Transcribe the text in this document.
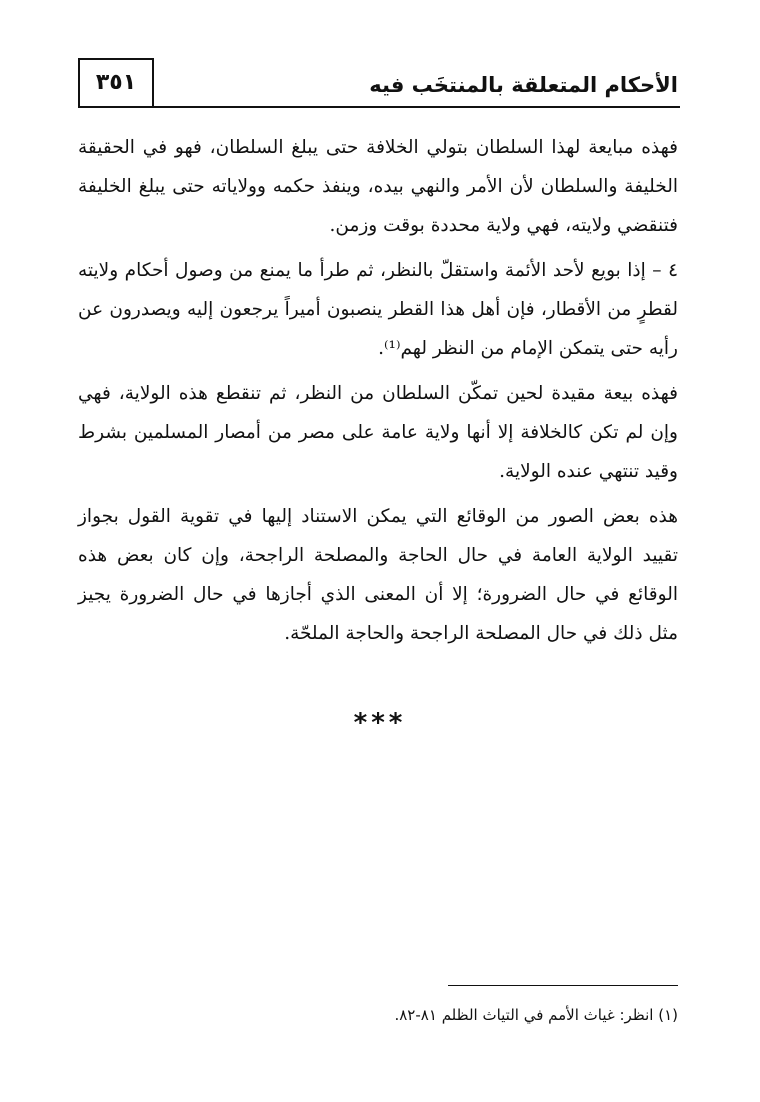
الأحكام المتعلقة بالمنتخَب فيه
٣٥١

فهذه مبايعة لهذا السلطان بتولي الخلافة حتى يبلغ السلطان، فهو في الحقيقة الخليفة والسلطان لأن الأمر والنهي بيده، وينفذ حكمه وولاياته حتى يبلغ الخليفة فتنقضي ولايته، فهي ولاية محددة بوقت وزمن.

٤ – إذا بويع لأحد الأئمة واستقلّ بالنظر، ثم طرأ ما يمنع من وصول أحكام ولايته لقطرٍ من الأقطار، فإن أهل هذا القطر ينصبون أميراً يرجعون إليه ويصدرون عن رأيه حتى يتمكن الإمام من النظر لهم⁽¹⁾.

فهذه بيعة مقيدة لحين تمكّن السلطان من النظر، ثم تنقطع هذه الولاية، فهي وإن لم تكن كالخلافة إلا أنها ولاية عامة على مصر من أمصار المسلمين بشرط وقيد تنتهي عنده الولاية.

هذه بعض الصور من الوقائع التي يمكن الاستناد إليها في تقوية القول بجواز تقييد الولاية العامة في حال الحاجة والمصلحة الراجحة، وإن كان بعض هذه الوقائع في حال الضرورة؛ إلا أن المعنى الذي أجازها في حال الضرورة يجيز مثل ذلك في حال المصلحة الراجحة والحاجة الملحّة.

***
(١) انظر: غياث الأمم في التياث الظلم ٨١-٨٢.
